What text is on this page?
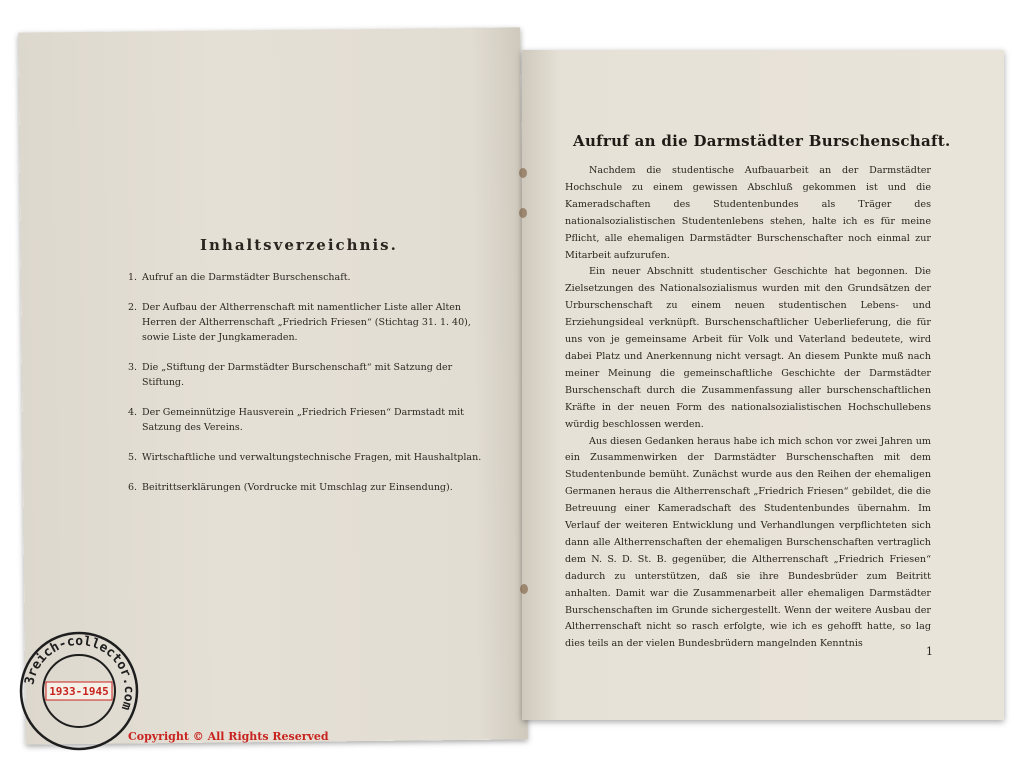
Inhaltsverzeichnis.
1. Aufruf an die Darmstädter Burschenschaft.
2. Der Aufbau der Altherrenschaft mit namentlicher Liste aller Alten Herren der Altherrenschaft „Friedrich Friesen“ (Stichtag 31. 1. 40), sowie Liste der Jungkameraden.
3. Die „Stiftung der Darmstädter Burschenschaft“ mit Satzung der Stiftung.
4. Der Gemeinnützige Hausverein „Friedrich Friesen“ Darmstadt mit Satzung des Vereins.
5. Wirtschaftliche und verwaltungstechnische Fragen, mit Haushaltplan.
6. Beitrittserklärungen (Vordrucke mit Umschlag zur Einsendung).
Aufruf an die Darmstädter Burschenschaft.

Nachdem die studentische Aufbauarbeit an der Darmstädter Hochschule zu einem gewissen Abschluß gekommen ist und die Kameradschaften des Studentenbundes als Träger des nationalsozialistischen Studentenlebens stehen, halte ich es für meine Pflicht, alle ehemaligen Darmstädter Burschenschafter noch einmal zur Mitarbeit aufzurufen.

Ein neuer Abschnitt studentischer Geschichte hat begonnen. Die Zielsetzungen des Nationalsozialismus wurden mit den Grundsätzen der Urburschenschaft zu einem neuen studentischen Lebens- und Erziehungsideal verknüpft. Burschenschaftlicher Ueberlieferung, die für uns von je gemeinsame Arbeit für Volk und Vaterland bedeutete, wird dabei Platz und Anerkennung nicht versagt. An diesem Punkte muß nach meiner Meinung die gemeinschaftliche Geschichte der Darmstädter Burschenschaft durch die Zusammenfassung aller burschenschaftlichen Kräfte in der neuen Form des nationalsozialistischen Hochschullebens würdig beschlossen werden.

Aus diesen Gedanken heraus habe ich mich schon vor zwei Jahren um ein Zusammenwirken der Darmstädter Burschenschaften mit dem Studentenbunde bemüht. Zunächst wurde aus den Reihen der ehemaligen Germanen heraus die Altherrenschaft „Friedrich Friesen“ gebildet, die die Betreuung einer Kameradschaft des Studentenbundes übernahm. Im Verlauf der weiteren Entwicklung und Verhandlungen verpflichteten sich dann alle Altherrenschaften der ehemaligen Burschenschaften vertraglich dem N. S. D. St. B. gegenüber, die Altherrenschaft „Friedrich Friesen“ dadurch zu unterstützen, daß sie ihre Bundesbrüder zum Beitritt anhalten. Damit war die Zusammenarbeit aller ehemaligen Darmstädter Burschenschaften im Grunde sichergestellt. Wenn der weitere Ausbau der Altherrenschaft nicht so rasch erfolgte, wie ich es gehofft hatte, so lag dies teils an der vielen Bundesbrüdern mangelnden Kenntnis

1
3reich-collector.com
1933-1945
Copyright © All Rights Reserved
